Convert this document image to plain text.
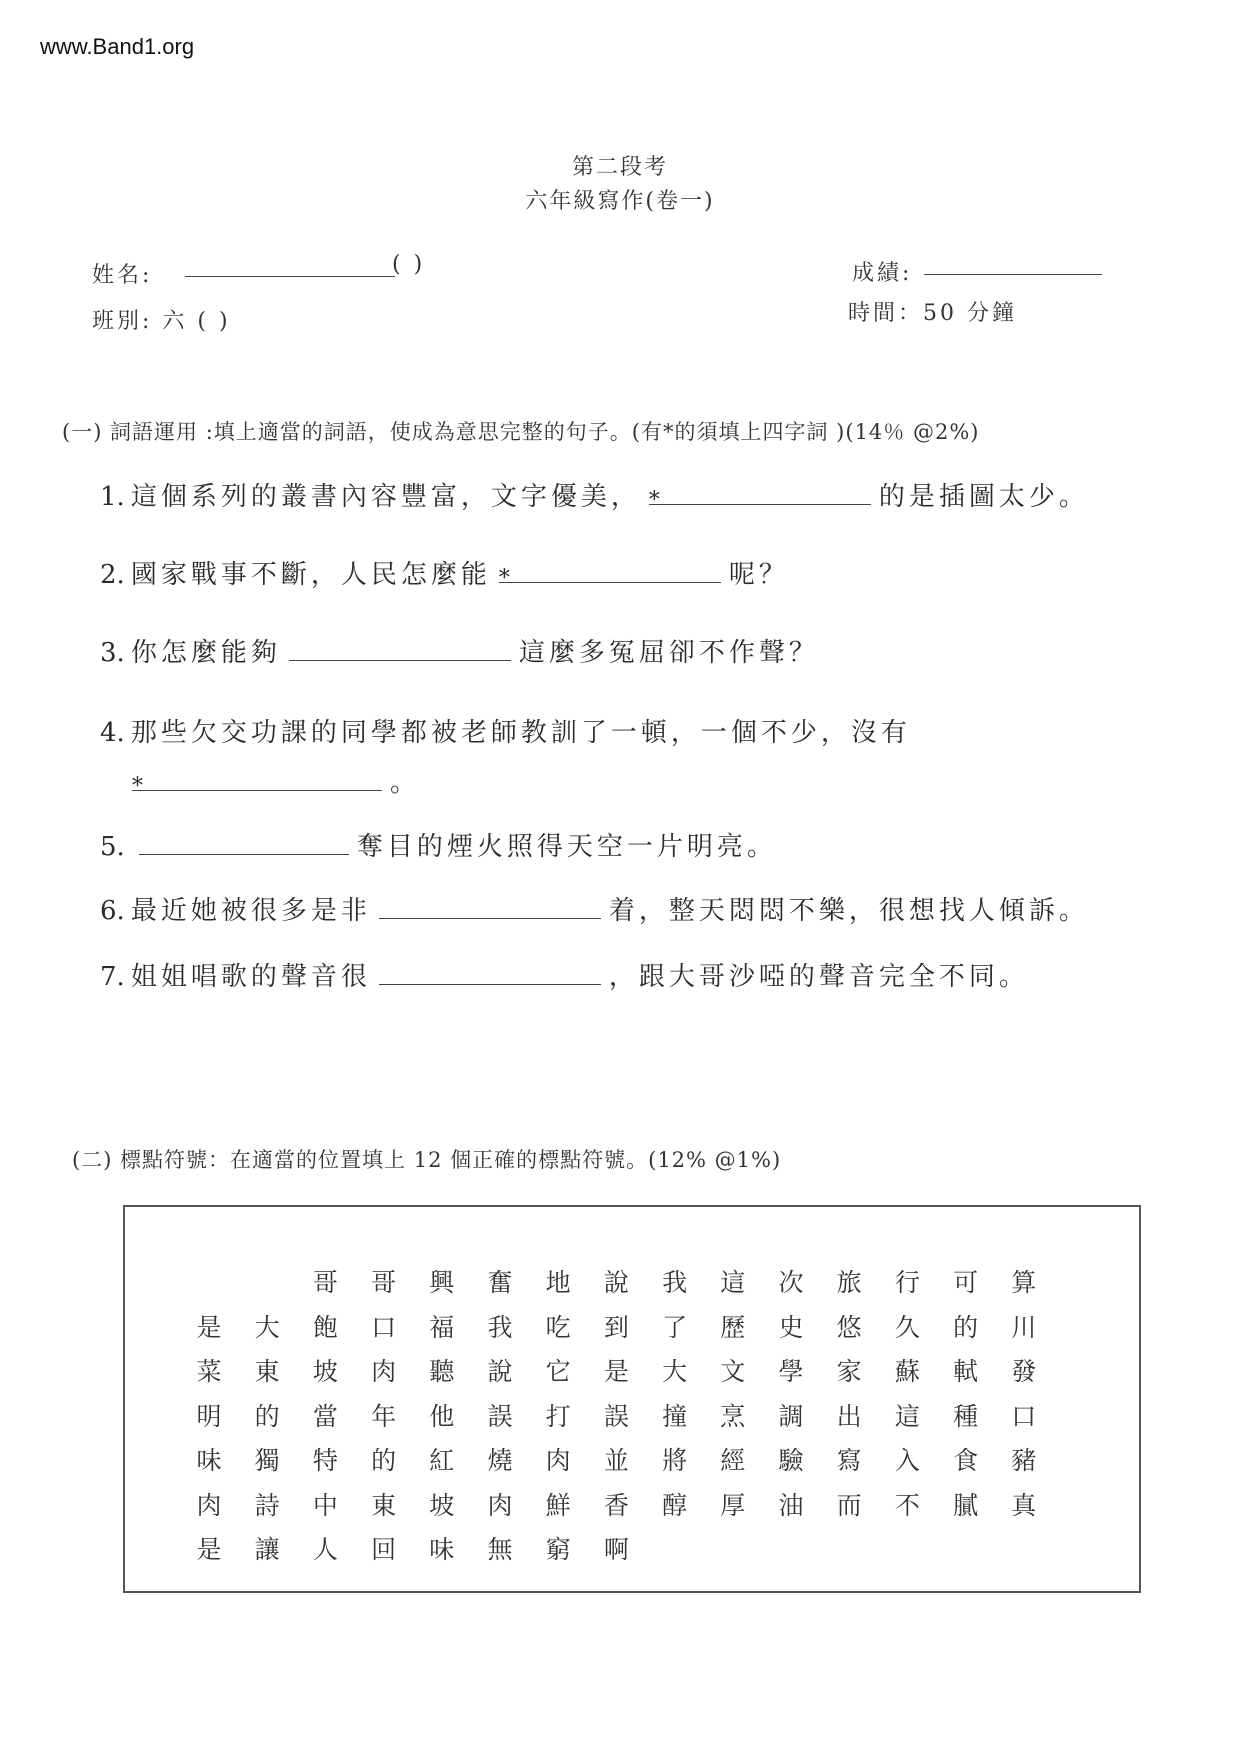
www.Band1.org
第二段考
六年級寫作(卷一)
姓名:	( )
班別: 六 ( )
成績:
時間：50 分鐘
(一) 詞語運用 :填上適當的詞語，使成為意思完整的句子。(有*的須填上四字詞 )(14％ @2%)
1. 這個系列的叢書內容豐富，文字優美， *	的是插圖太少。
2. 國家戰事不斷，人民怎麼能 *	呢？
3. 你怎麼能夠	這麼多冤屈卻不作聲？
4. 那些欠交功課的同學都被老師教訓了一頓，一個不少，沒有
*	。
5.	奪目的煙火照得天空一片明亮。
6. 最近她被很多是非	着，整天悶悶不樂，很想找人傾訴。
7. 姐姐唱歌的聲音很	，跟大哥沙啞的聲音完全不同。
(二) 標點符號：在適當的位置填上 12 個正確的標點符號。(12% @1%)
哥	哥	興	奮	地	說	我	這	次	旅	行	可	算
是	大	飽	口	福	我	吃	到	了	歷	史	悠	久	的	川
菜	東	坡	肉	聽	說	它	是	大	文	學	家	蘇	軾	發
明	的	當	年	他	誤	打	誤	撞	烹	調	出	這	種	口
味	獨	特	的	紅	燒	肉	並	將	經	驗	寫	入	食	豬
肉	詩	中	東	坡	肉	鮮	香	醇	厚	油	而	不	膩	真
是	讓	人	回	味	無	窮	啊
